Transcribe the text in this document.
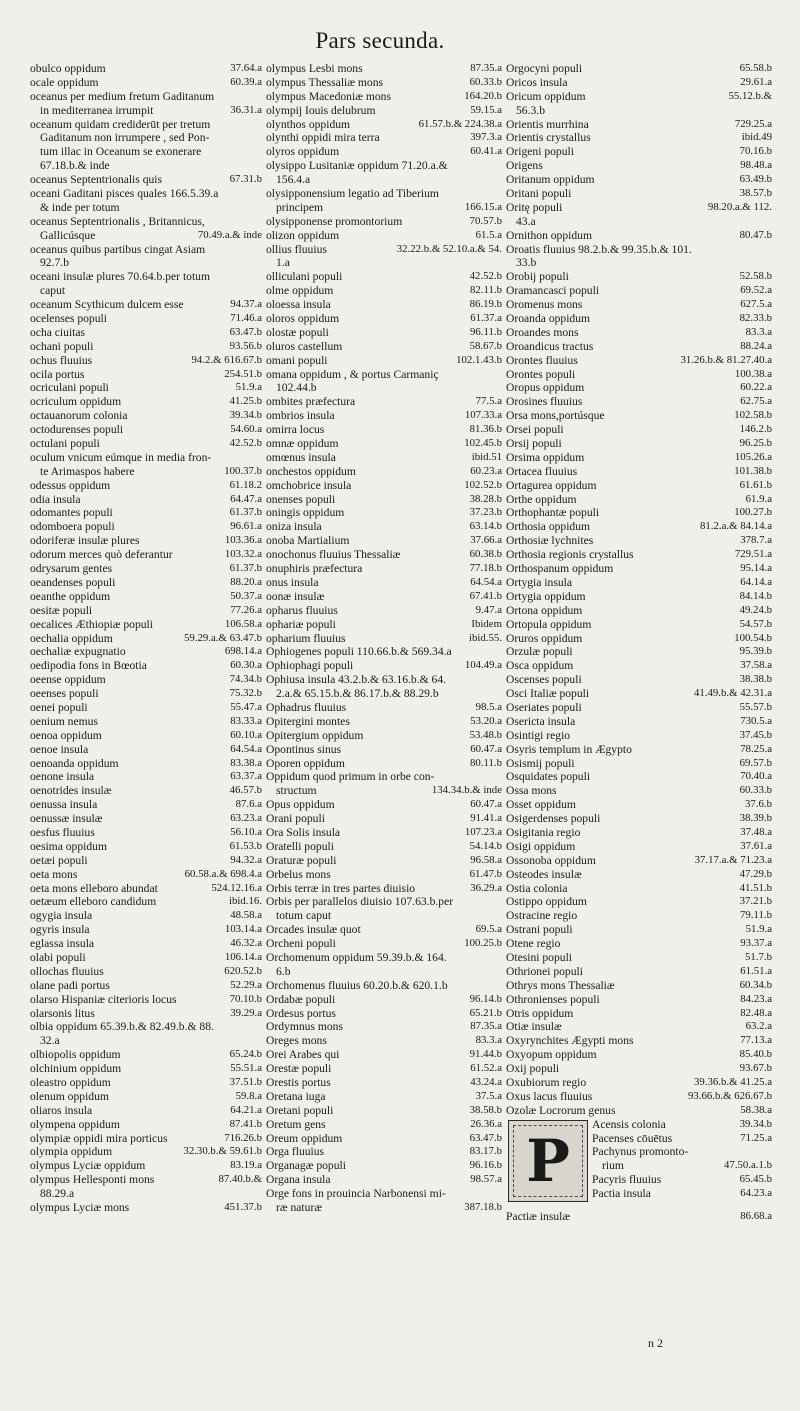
Pars secunda.
obulco oppidum	37.64.a
ocale oppidum	60.39.a
oceanus per medium fretum Gaditanum
in mediterranea irrumpit	36.31.a
oceanum quidam crediderūt per tretum
Gaditanum non irrumpere , sed Pon-
tum illac in Oceanum se exonerare
67.18.b.& inde
oceanus Septentrionalis quis	67.31.b
oceani Gaditani pisces quales 166.5.39.a
& inde per totum
oceanus Septentrionalis , Britannicus,
Gallicúsque	70.49.a.& inde
oceanus quibus partibus cingat Asiam
92.7.b
oceani insulæ plures 70.64.b.per totum
caput
oceanum Scythicum dulcem esse	94.37.a
ocelenses populi	71.46.a
ocha ciuitas	63.47.b
ochani populi	93.56.b
ochus fluuius	94.2.& 616.67.b
ocila portus	254.51.b
ocriculani populi	51.9.a
ocriculum oppidum	41.25.b
octauanorum colonia	39.34.b
octodurenses populi	54.60.a
octulani populi	42.52.b
oculum vnicum eúmque in media fron-
te Arimaspos habere	100.37.b
odessus oppidum	61.18.2
odia insula	64.47.a
odomantes populi	61.37.b
odomboera populi	96.61.a
odoriferæ insulæ plures	103.36.a
odorum merces quò deferantur	103.32.a
odrysarum gentes	61.37.b
oeandenses populi	88.20.a
oeanthe oppidum	50.37.a
oesitæ populi	77.26.a
oecalices Æthiopiæ populi	106.58.a
oechalia oppidum	59.29.a.& 63.47.b
oechaliæ expugnatio	698.14.a
oedipodia fons in Bœotia	60.30.a
oeense oppidum	74.34.b
oeenses populi	75.32.b
oenei populi	55.47.a
oenium nemus	83.33.a
oenoa oppidum	60.10.a
oenoe insula	64.54.a
oenoanda oppidum	83.38.a
oenone insula	63.37.a
oenotrides insulæ	46.57.b
oenussa insula	87.6.a
oenussæ insulæ	63.23.a
oesfus fluuius	56.10.a
oesima oppidum	61.53.b
oetæi populi	94.32.a
oeta mons	60.58.a.& 698.4.a
oeta mons elleboro abundat	524.12.16.a
oetæum elleboro candidum	ibid.16.
ogygia insula	48.58.a
ogyris insula	103.14.a
eglassa insula	46.32.a
olabi populi	106.14.a
ollochas fluuius	620.52.b
olane padi portus	52.29.a
olarso Hispaniæ citerioris locus	70.10.b
olarsonis litus	39.29.a
olbia oppidum 65.39.b.& 82.49.b.& 88.
32.a
olbiopolis oppidum	65.24.b
olchinium oppidum	55.51.a
oleastro oppidum	37.51.b
olenum oppidum	59.8.a
oliaros insula	64.21.a
olympena oppidum	87.41.b
olympiæ oppidi mira porticus	716.26.b
olympia oppidum	32.30.b.& 59.61.b
olympus Lyciæ oppidum	83.19.a
olympus Hellesponti mons	87.40.b.&
88.29.a
olympus Lyciæ mons	451.37.b
olympus Lesbi mons	87.35.a
olympus Thessaliæ mons	60.33.b
olympus Macedoniæ mons	164.20.b
olympij Iouis delubrum	59.15.a
olynthos oppidum	61.57.b.& 224.38.a
olynthi oppidi mira terra	397.3.a
olyros oppidum	60.41.a
olysippo Lusitaniæ oppidum 71.20.a.&
156.4.a
olysipponensium legatio ad Tiberium
principem	166.15.a
olysipponense promontorium	70.57.b
olizon oppidum	61.5.a
ollius fluuius	32.22.b.& 52.10.a.& 54.
1.a
olliculani populi	42.52.b
olme oppidum	82.11.b
oloessa insula	86.19.b
oloros oppidum	61.37.a
olostæ populi	96.11.b
oluros castellum	58.67.b
omani populi	102.1.43.b
omana oppidum , & portus Carmaniç
102.44.b
ombites præfectura	77.5.a
ombrios insula	107.33.a
omirra locus	81.36.b
omnæ oppidum	102.45.b
omœnus insula	ibid.51
onchestos oppidum	60.23.a
omchobrice insula	102.52.b
onenses populi	38.28.b
oningis oppidum	37.23.b
oniza insula	63.14.b
onoba Martialium	37.66.a
onochonus fluuius Thessaliæ	60.38.b
onuphiris præfectura	77.18.b
onus insula	64.54.a
oonæ insulæ	67.41.b
opharus fluuius	9.47.a
ophariæ populi	Ibidem
opharium fluuius	ibid.55.
Ophiogenes populi 110.66.b.& 569.34.a
Ophiophagi populi	104.49.a
Ophiusa insula 43.2.b.& 63.16.b.& 64.
2.a.& 65.15.b.& 86.17.b.& 88.29.b
Ophadrus fluuius	98.5.a
Opitergini montes	53.20.a
Opitergium oppidum	53.48.b
Opontinus sinus	60.47.a
Oporen oppidum	80.11.b
Oppidum quod primum in orbe con-
structum	134.34.b.& inde
Opus oppidum	60.47.a
Orani populi	91.41.a
Ora Solis insula	107.23.a
Oratelli populi	54.14.b
Oraturæ populi	96.58.a
Orbelus mons	61.47.b
Orbis terræ in tres partes diuisio	36.29.a
Orbis per parallelos diuisio 107.63.b.per
totum caput
Orcades insulæ quot	69.5.a
Orcheni populi	100.25.b
Orchomenum oppidum 59.39.b.& 164.
6.b
Orchomenus fluuius 60.20.b.& 620.1.b
Ordabæ populi	96.14.b
Ordesus portus	65.21.b
Ordymnus mons	87.35.a
Oreges mons	83.3.a
Orei Arabes qui	91.44.b
Orestæ populi	61.52.a
Orestis portus	43.24.a
Oretana iuga	37.5.a
Oretani populi	38.58.b
Oretum gens	26.36.a
Oreum oppidum	63.47.b
Orga fluuius	83.17.b
Organagæ populi	96.16.b
Organa insula	98.57.a
Orge fons in prouincia Narbonensi mi-
ræ naturæ	387.18.b
Orgocyni populi	65.58.b
Oricos insula	29.61.a
Oricum oppidum	55.12.b.&
56.3.b
Orientis murrhina	729.25.a
Orientis crystallus	ibid.49
Origeni populi	70.16.b
Origens	98.48.a
Oritanum oppidum	63.49.b
Oritani populi	38.57.b
Oritę populi	98.20.a.& 112.
43.a
Ornithon oppidum	80.47.b
Oroatis fluuius 98.2.b.& 99.35.b.& 101.
33.b
Orobij populi	52.58.b
Oramancasci populi	69.52.a
Oromenus mons	627.5.a
Oroanda oppidum	82.33.b
Oroandes mons	83.3.a
Oroandicus tractus	88.24.a
Orontes fluuius	31.26.b.& 81.27.40.a
Orontes populi	100.38.a
Oropus oppidum	60.22.a
Orosines fluuius	62.75.a
Orsa mons,portúsque	102.58.b
Orsei populi	146.2.b
Orsij populi	96.25.b
Orsima oppidum	105.26.a
Ortacea fluuius	101.38.b
Ortagurea oppidum	61.61.b
Orthe oppidum	61.9.a
Orthophantæ populi	100.27.b
Orthosia oppidum	81.2.a.& 84.14.a
Orthosiæ lychnites	378.7.a
Orthosia regionis crystallus	729.51.a
Orthospanum oppidum	95.14.a
Ortygia insula	64.14.a
Ortygia oppidum	84.14.b
Ortona oppidum	49.24.b
Ortopula oppidum	54.57.b
Oruros oppidum	100.54.b
Orzulæ populi	95.39.b
Osca oppidum	37.58.a
Oscenses populi	38.38.b
Osci Italiæ populi	41.49.b.& 42.31.a
Oseriates populi	55.57.b
Osericta insula	730.5.a
Osintigi regio	37.45.b
Osyris templum in Ægypto	78.25.a
Osismij populi	69.57.b
Osquidates populi	70.40.a
Ossa mons	60.33.b
Osset oppidum	37.6.b
Osigerdenses populi	38.39.b
Osigitania regio	37.48.a
Osigi oppidum	37.61.a
Ossonoba oppidum	37.17.a.& 71.23.a
Osteodes insulæ	47.29.b
Ostia colonia	41.51.b
Ostippo oppidum	37.21.b
Ostracine regio	79.11.b
Ostrani populi	51.9.a
Otene regio	93.37.a
Otesini populi	51.7.b
Othrionei populi	61.51.a
Othrys mons Thessaliæ	60.34.b
Othronienses populi	84.23.a
Otris oppidum	82.48.a
Otiæ insulæ	63.2.a
Oxyrynchites Ægypti mons	77.13.a
Oxyopum oppidum	85.40.b
Oxij populi	93.67.b
Oxubiorum regio	39.36.b.& 41.25.a
Oxus lacus fluuius	93.66.b.& 626.67.b
Ozolæ Locrorum genus	58.38.a
P
Acensis colonia	39.34.b
Pacenses cōuētus	71.25.a
Pachynus promonto-
rium	47.50.a.1.b
Pacyris fluuius	65.45.b
Pactia insula	64.23.a
Pactiæ insulæ	86.68.a
n 2
